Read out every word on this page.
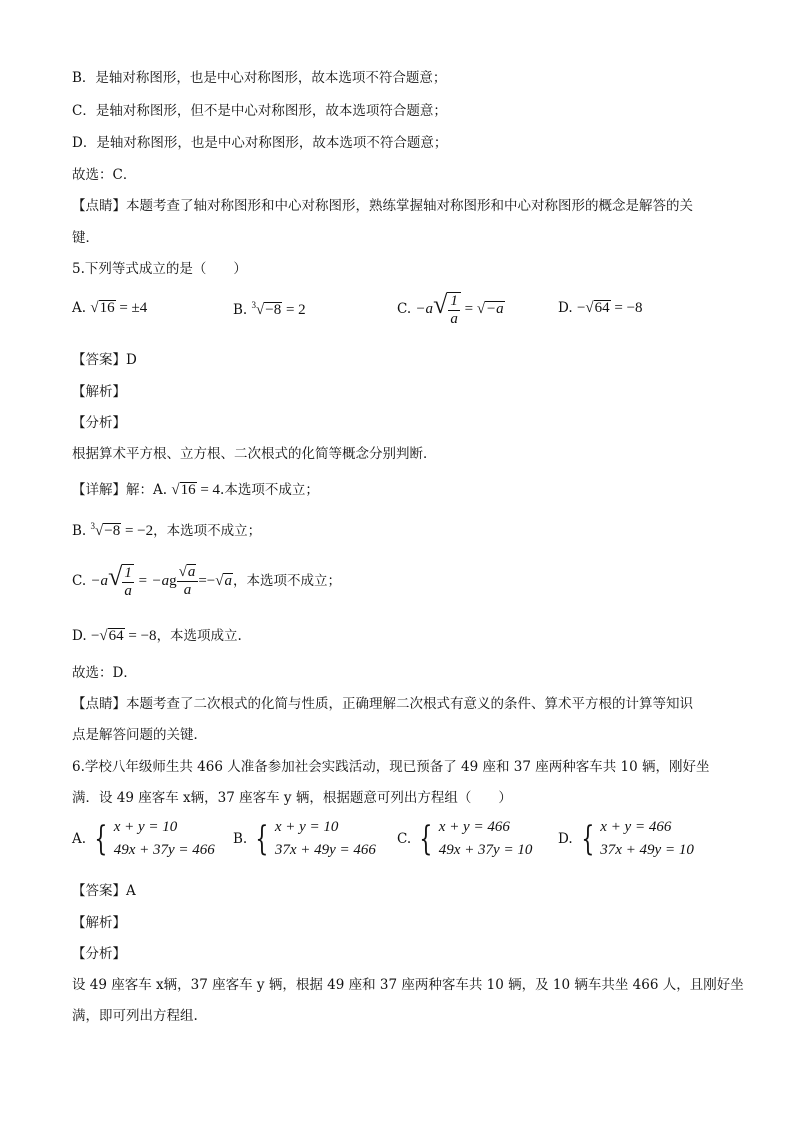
B．是轴对称图形，也是中心对称图形，故本选项不符合题意；
C．是轴对称图形，但不是中心对称图形，故本选项符合题意；
D．是轴对称图形，也是中心对称图形，故本选项不符合题意；
故选：C．
【点睛】本题考查了轴对称图形和中心对称图形，熟练掌握轴对称图形和中心对称图形的概念是解答的关
键．
5.下列等式成立的是（　　）
A. √16 = ±4	B. $^3$√−8 = 2	C. $-a√ \frac{1}{a} = √-a$	D. −√64 = −8
【答案】D
【解析】
【分析】
根据算术平方根、立方根、二次根式的化简等概念分别判断．
【详解】解：A. √16 = 4.本选项不成立；
B. $^3$√−8 = −2，本选项不成立；
C. $-a√ \frac{1}{a} = -ag \frac{√a}{a} =-√a$，本选项不成立；
D. −√64 = −8，本选项成立.
故选：D．
【点睛】本题考查了二次根式的化简与性质，正确理解二次根式有意义的条件、算术平方根的计算等知识
点是解答问题的关键．
6.学校八年级师生共 466 人准备参加社会实践活动，现已预备了 49 座和 37 座两种客车共 10 辆，刚好坐
满．设 49 座客车 x辆，37 座客车 y 辆，根据题意可列出方程组（　　）
A. { x + y = 10
49x + 37y = 466
B. { x + y = 10
37x + 49y = 466
C. { x + y = 466
49x + 37y = 10
D. { x + y = 466
37x + 49y = 10
【答案】A
【解析】
【分析】
设 49 座客车 x辆，37 座客车 y 辆，根据 49 座和 37 座两种客车共 10 辆，及 10 辆车共坐 466 人，且刚好坐
满，即可列出方程组.
